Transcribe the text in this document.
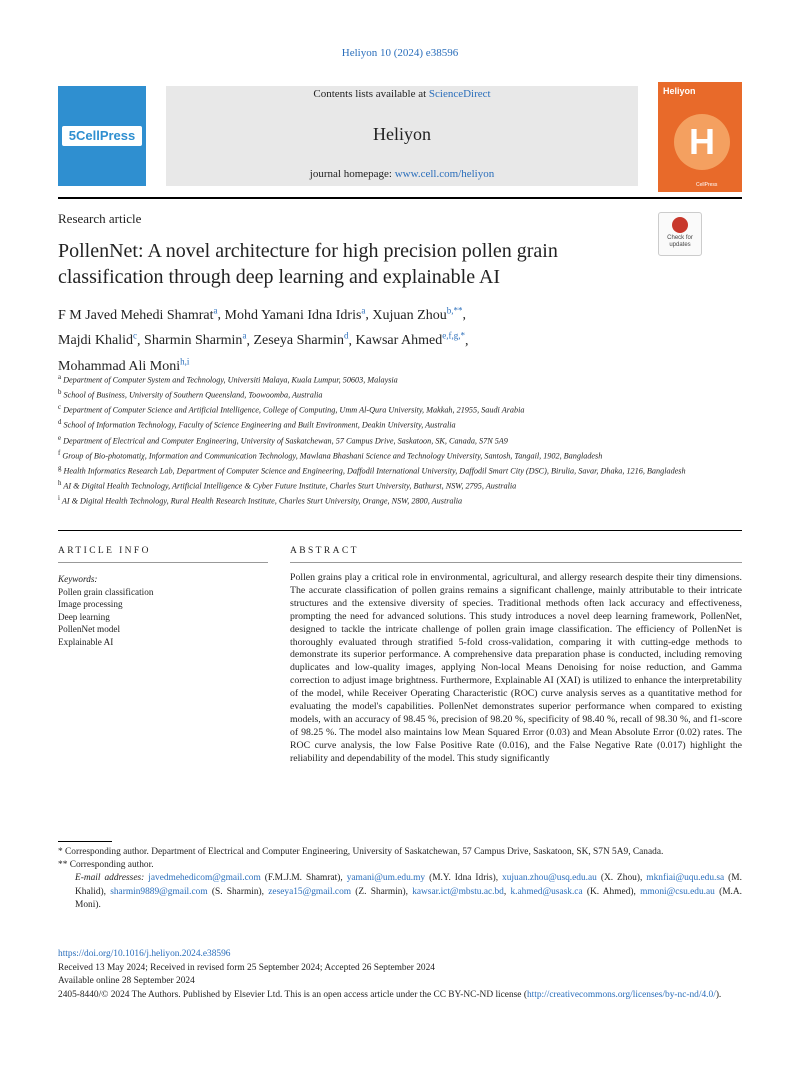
Heliyon 10 (2024) e38596
5CellPress
Contents lists available at ScienceDirect
Heliyon
journal homepage: www.cell.com/heliyon
Heliyon
H
CellPress
Research article
Check for
updates
PollenNet: A novel architecture for high precision pollen grain classification through deep learning and explainable AI
F M Javed Mehedi Shamrat$^a$, Mohd Yamani Idna Idris$^a$, Xujuan Zhou$^{b,**}$,
Majdi Khalid$^c$, Sharmin Sharmin$^a$, Zeseya Sharmin$^d$, Kawsar Ahmed$^{e,f,g,*}$,
Mohammad Ali Moni$^{h,i}$
$^a$ Department of Computer System and Technology, Universiti Malaya, Kuala Lumpur, 50603, Malaysia
$^b$ School of Business, University of Southern Queensland, Toowoomba, Australia
$^c$ Department of Computer Science and Artificial Intelligence, College of Computing, Umm Al-Qura University, Makkah, 21955, Saudi Arabia
$^d$ School of Information Technology, Faculty of Science Engineering and Built Environment, Deakin University, Australia
$^e$ Department of Electrical and Computer Engineering, University of Saskatchewan, 57 Campus Drive, Saskatoon, SK, Canada, S7N 5A9
$^f$ Group of Bio-photomatiχ, Information and Communication Technology, Mawlana Bhashani Science and Technology University, Santosh, Tangail, 1902, Bangladesh
$^g$ Health Informatics Research Lab, Department of Computer Science and Engineering, Daffodil International University, Daffodil Smart City (DSC), Birulia, Savar, Dhaka, 1216, Bangladesh
$^h$ AI & Digital Health Technology, Artificial Intelligence & Cyber Future Institute, Charles Sturt University, Bathurst, NSW, 2795, Australia
$^i$ AI & Digital Health Technology, Rural Health Research Institute, Charles Sturt University, Orange, NSW, 2800, Australia
ARTICLE INFO	ABSTRACT
Keywords:
Pollen grain classification
Image processing
Deep learning
PollenNet model
Explainable AI
Pollen grains play a critical role in environmental, agricultural, and allergy research despite their tiny dimensions. The accurate classification of pollen grains remains a significant challenge, mainly attributable to their intricate structures and the extensive diversity of species. Traditional methods often lack accuracy and effectiveness, prompting the need for advanced solutions. This study introduces a novel deep learning framework, PollenNet, designed to tackle the intricate challenge of pollen grain image classification. The efficiency of PollenNet is thoroughly evaluated through stratified 5-fold cross-validation, comparing it with cutting-edge methods to demonstrate its superior performance. A comprehensive data preparation phase is conducted, including removing duplicates and low-quality images, applying Non-local Means Denoising for noise reduction, and Gamma correction to adjust image brightness. Furthermore, Explainable AI (XAI) is utilized to enhance the interpretability of the model, while Receiver Operating Characteristic (ROC) curve analysis serves as a quantitative method for evaluating the model's capabilities. PollenNet demonstrates superior performance when compared to existing models, with an accuracy of 98.45 %, precision of 98.20 %, specificity of 98.40 %, recall of 98.30 %, and f1-score of 98.25 %. The model also maintains low Mean Squared Error (0.03) and Mean Absolute Error (0.02) rates. The ROC curve analysis, the low False Positive Rate (0.016), and the False Negative Rate (0.017) highlight the reliability and dependability of the model. This study significantly
* Corresponding author. Department of Electrical and Computer Engineering, University of Saskatchewan, 57 Campus Drive, Saskatoon, SK, S7N 5A9, Canada.
** Corresponding author.
E-mail addresses: javedmehedicom@gmail.com (F.M.J.M. Shamrat), yamani@um.edu.my (M.Y. Idna Idris), xujuan.zhou@usq.edu.au (X. Zhou), mknfiai@uqu.edu.sa (M. Khalid), sharmin9889@gmail.com (S. Sharmin), zeseya15@gmail.com (Z. Sharmin), kawsar.ict@mbstu.ac.bd, k.ahmed@usask.ca (K. Ahmed), mmoni@csu.edu.au (M.A. Moni).
https://doi.org/10.1016/j.heliyon.2024.e38596
Received 13 May 2024; Received in revised form 25 September 2024; Accepted 26 September 2024
Available online 28 September 2024
2405-8440/© 2024 The Authors. Published by Elsevier Ltd. This is an open access article under the CC BY-NC-ND license (http://creativecommons.org/licenses/by-nc-nd/4.0/).
